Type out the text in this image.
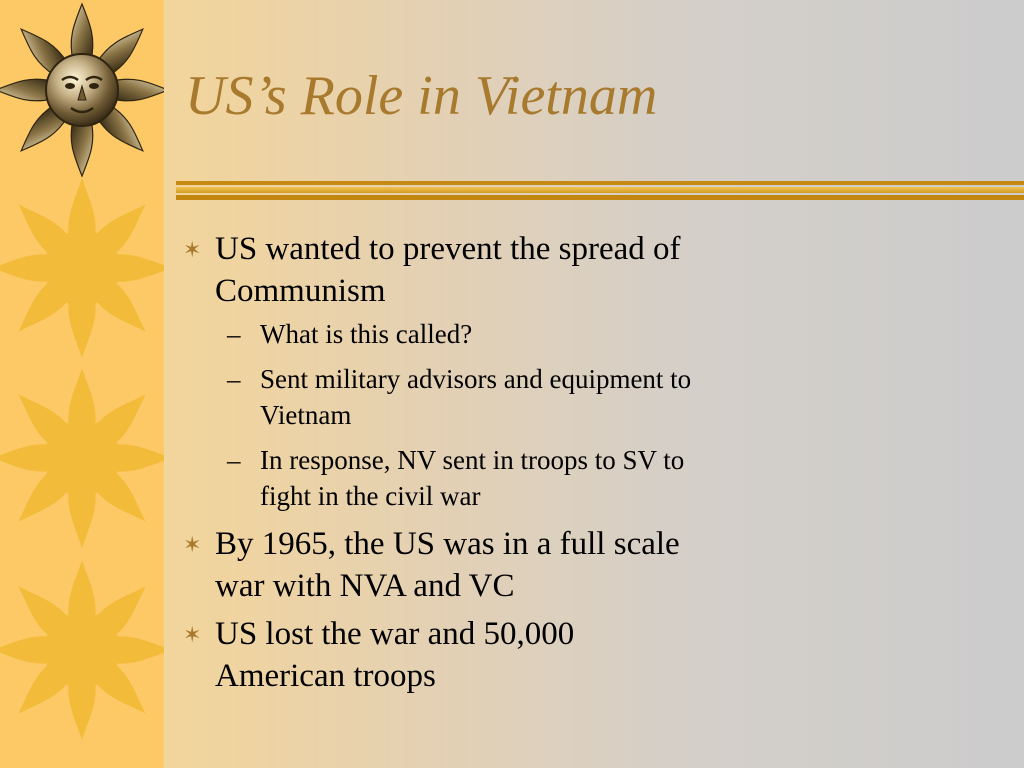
US’s Role in Vietnam
✶ US wanted to prevent the spread of Communism
– What is this called?
– Sent military advisors and equipment to Vietnam
– In response, NV sent in troops to SV to fight in the civil war
✶ By 1965, the US was in a full scale war with NVA and VC
✶ US lost the war and 50,000 American troops
